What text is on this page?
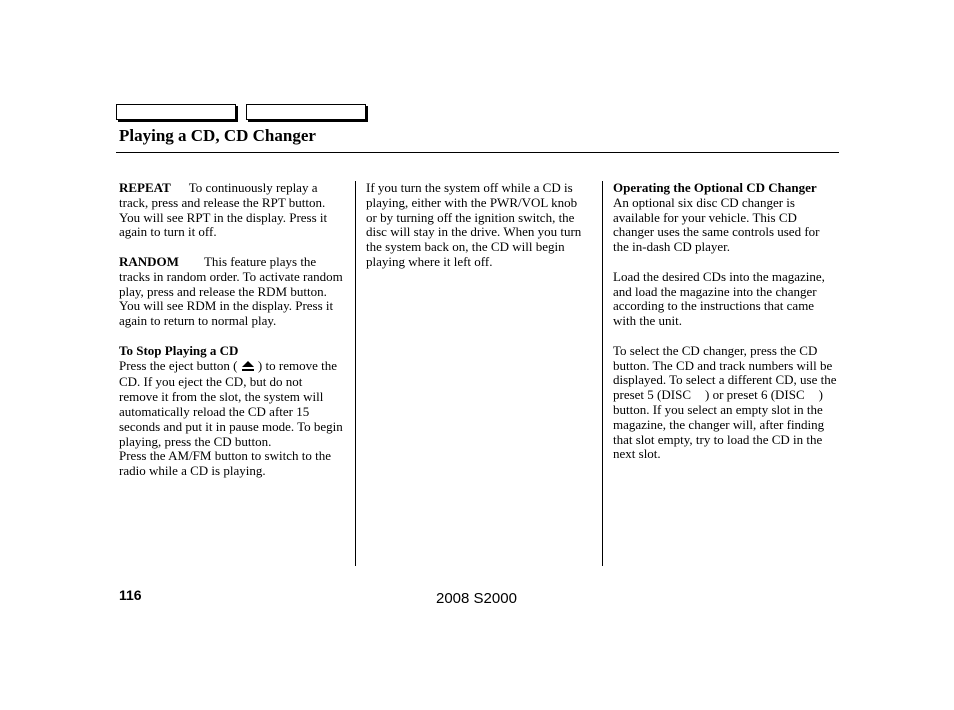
Playing a CD, CD Changer

REPEAT To continuously replay a track, press and release the RPT button. You will see RPT in the display. Press it again to turn it off.

RANDOM This feature plays the tracks in random order. To activate random play, press and release the RDM button. You will see RDM in the display. Press it again to return to normal play.

To Stop Playing a CD

Press the eject button ( ) to remove the CD. If you eject the CD, but do not remove it from the slot, the system will automatically reload the CD after 15 seconds and put it in pause mode. To begin playing, press the CD button.

Press the AM/FM button to switch to the radio while a CD is playing.

If you turn the system off while a CD is playing, either with the PWR/VOL knob or by turning off the ignition switch, the disc will stay in the drive. When you turn the system back on, the CD will begin playing where it left off.

Operating the Optional CD Changer

An optional six disc CD changer is available for your vehicle. This CD changer uses the same controls used for the in-dash CD player.

Load the desired CDs into the magazine, and load the magazine into the changer according to the instructions that came with the unit.

To select the CD changer, press the CD button. The CD and track numbers will be displayed. To select a different CD, use the preset 5 (DISC ) or preset 6 (DISC ) button. If you select an empty slot in the magazine, the changer will, after finding that slot empty, try to load the CD in the next slot.

116	2008 S2000
